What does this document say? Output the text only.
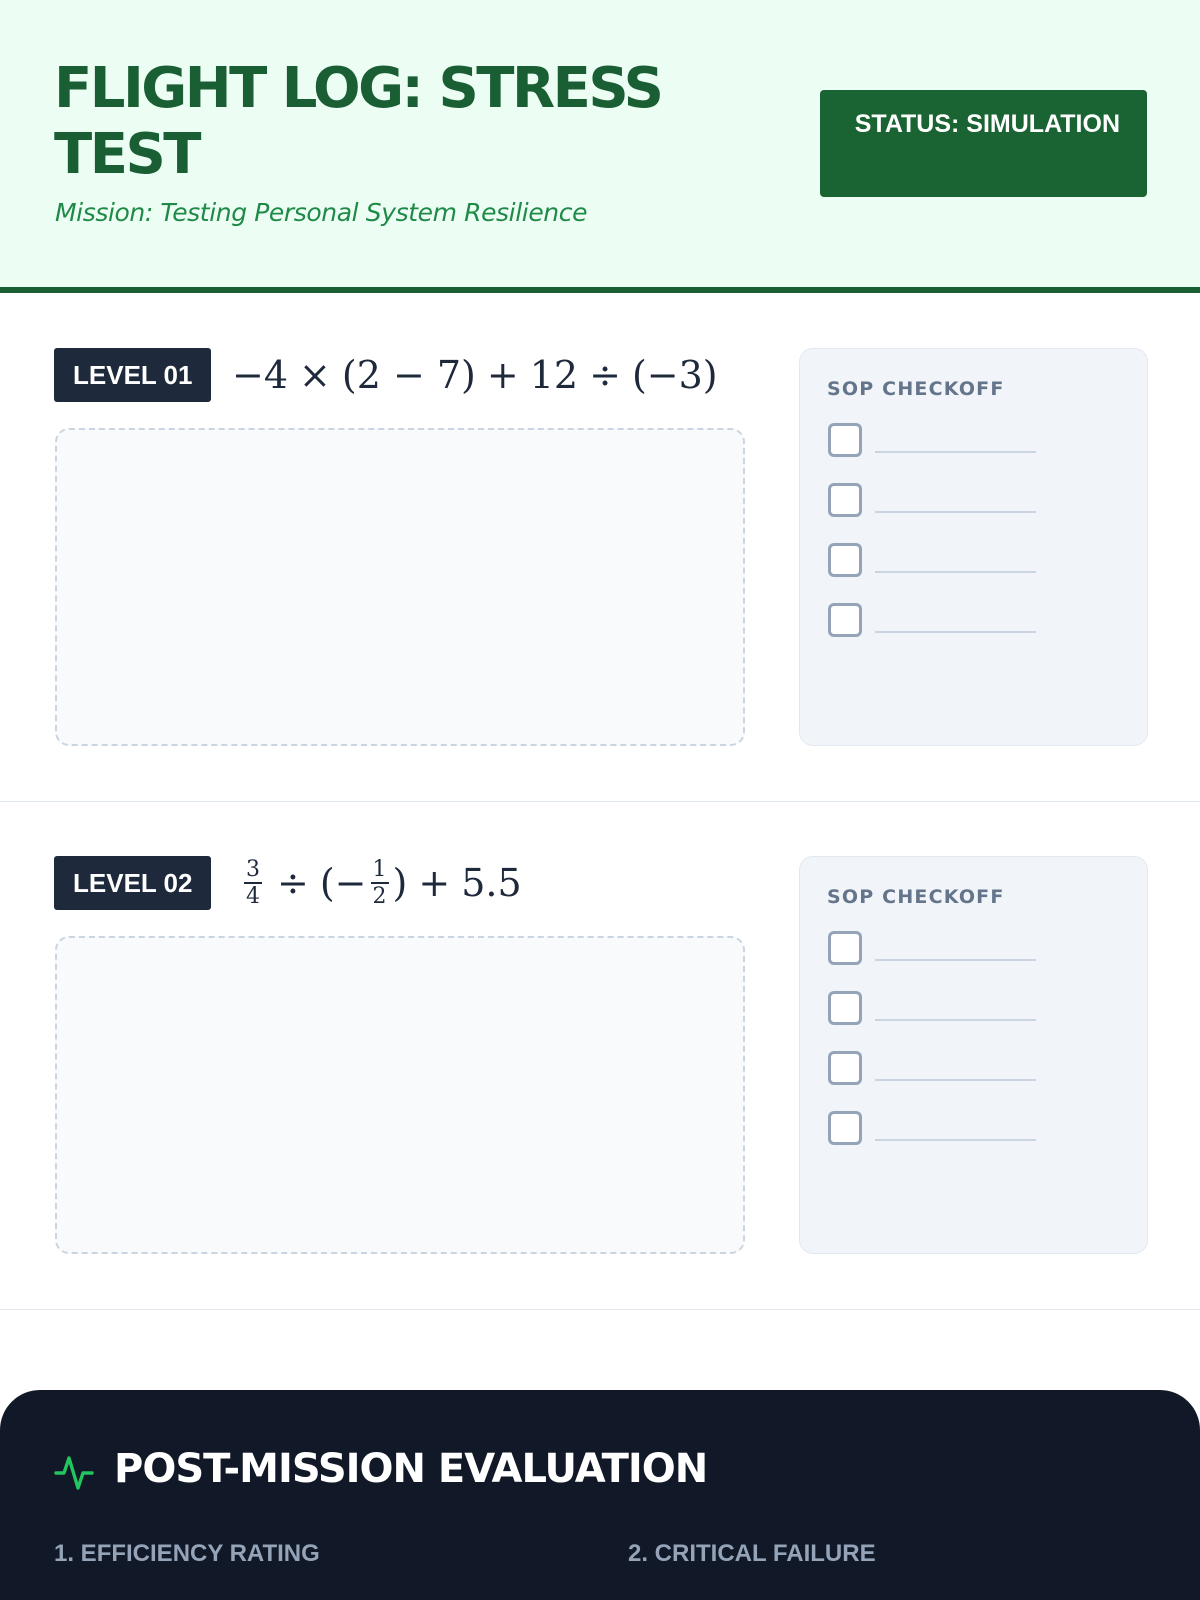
FLIGHT LOG: STRESS TEST

Mission: Testing Personal System Resilience

STATUS: SIMULATION
LEVEL 01	−4 × (2 − 7) + 12 ÷ (−3)	SOP CHECKOFF
LEVEL 02	$\frac{3}{4}$ ÷ (− $\frac{1}{2}$ ) + 5.5	SOP CHECKOFF
POST-MISSION EVALUATION
1. EFFICIENCY RATING	2. CRITICAL FAILURE
